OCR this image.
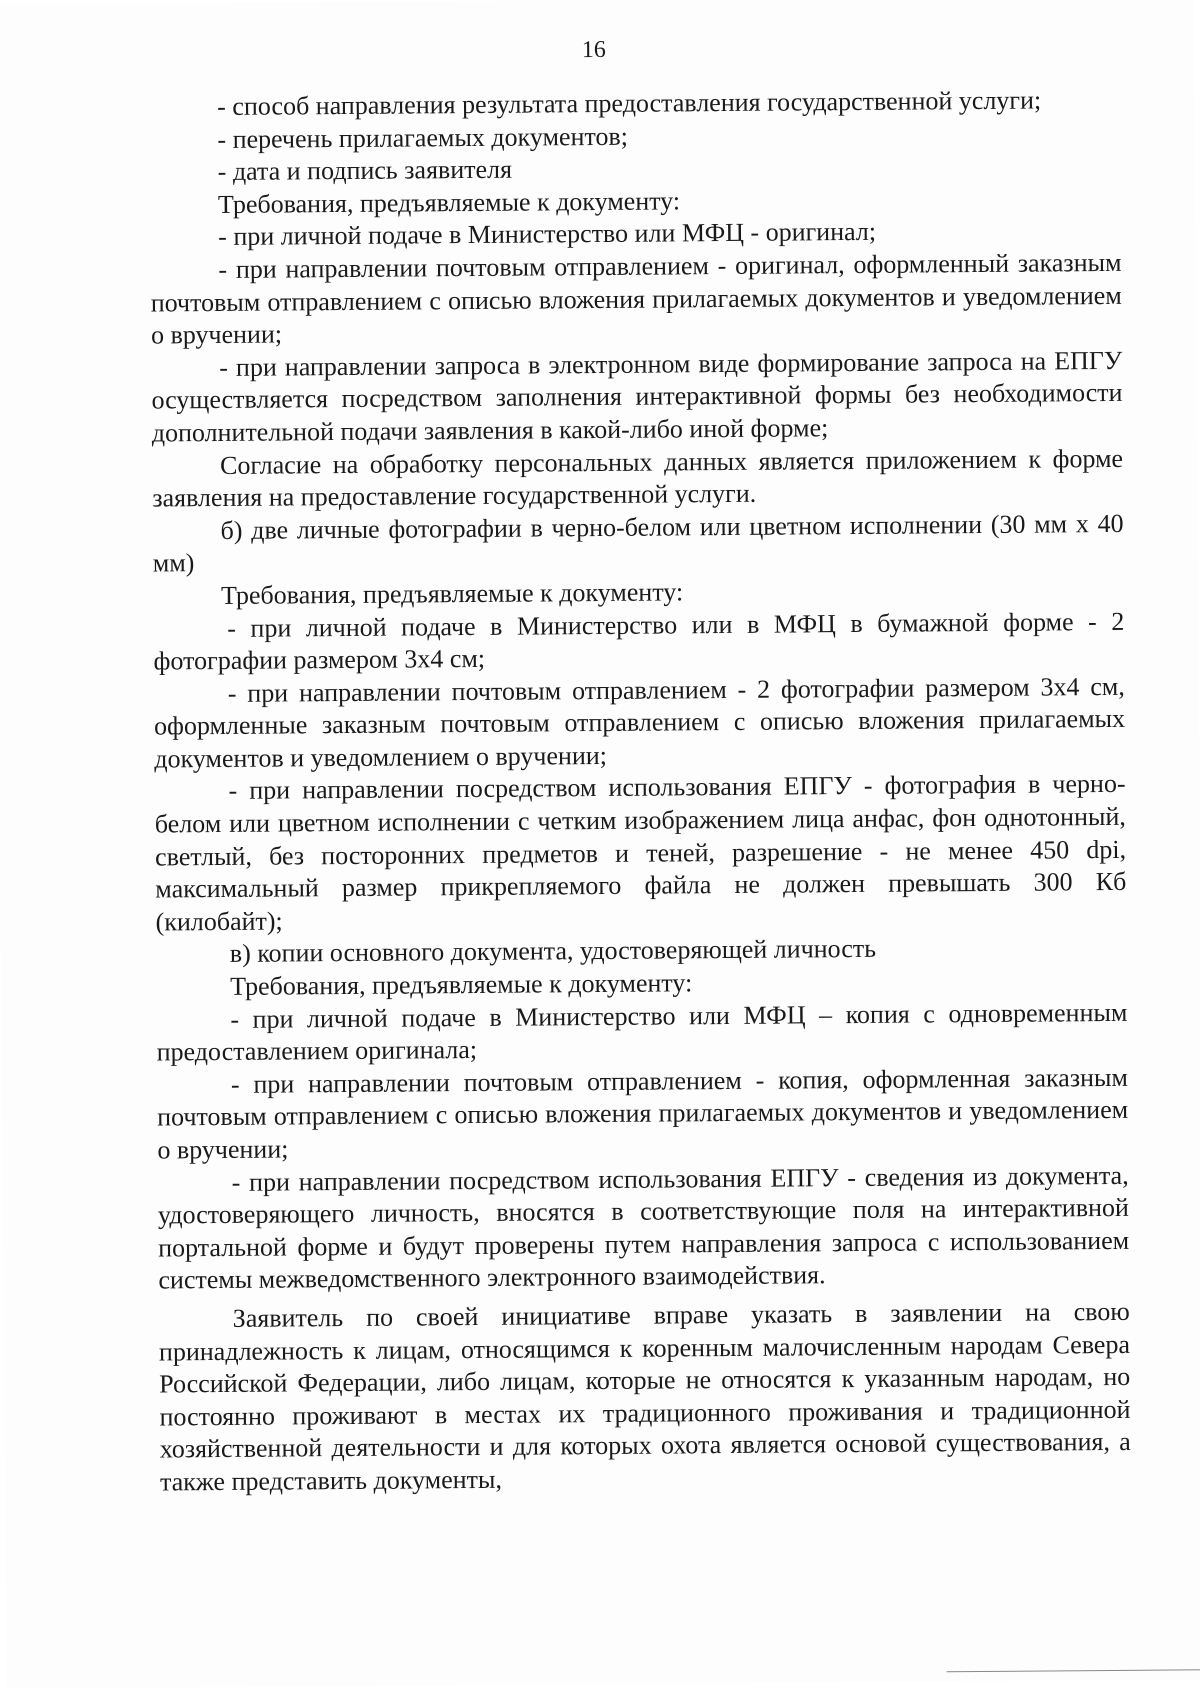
16

- способ направления результата предоставления государственной услуги;

- перечень прилагаемых документов;

- дата и подпись заявителя

Требования, предъявляемые к документу:

- при личной подаче в Министерство или МФЦ - оригинал;

- при направлении почтовым отправлением - оригинал, оформленный заказным почтовым отправлением с описью вложения прилагаемых документов и уведомлением о вручении;

- при направлении запроса в электронном виде формирование запроса на ЕПГУ осуществляется посредством заполнения интерактивной формы без необходимости дополнительной подачи заявления в какой-либо иной форме;

Согласие на обработку персональных данных является приложением к форме заявления на предоставление государственной услуги.

б) две личные фотографии в черно-белом или цветном исполнении (30 мм х 40 мм)

Требования, предъявляемые к документу:

- при личной подаче в Министерство или в МФЦ в бумажной форме - 2 фотографии размером 3х4 см;

- при направлении почтовым отправлением - 2 фотографии размером 3х4 см, оформленные заказным почтовым отправлением с описью вложения прилагаемых документов и уведомлением о вручении;

- при направлении посредством использования ЕПГУ - фотография в черно-белом или цветном исполнении с четким изображением лица анфас, фон однотонный, светлый, без посторонних предметов и теней, разрешение - не менее 450 dpi, максимальный размер прикрепляемого файла не должен превышать 300 Кб (килобайт);

в) копии основного документа, удостоверяющей личность

Требования, предъявляемые к документу:

- при личной подаче в Министерство или МФЦ – копия с одновременным предоставлением оригинала;

- при направлении почтовым отправлением - копия, оформленная заказным почтовым отправлением с описью вложения прилагаемых документов и уведомлением о вручении;

- при направлении посредством использования ЕПГУ - сведения из документа, удостоверяющего личность, вносятся в соответствующие поля на интерактивной портальной форме и будут проверены путем направления запроса с использованием системы межведомственного электронного взаимодействия.

Заявитель по своей инициативе вправе указать в заявлении на свою принадлежность к лицам, относящимся к коренным малочисленным народам Севера Российской Федерации, либо лицам, которые не относятся к указанным народам, но постоянно проживают в местах их традиционного проживания и традиционной хозяйственной деятельности и для которых охота является основой существования, а также представить документы,
